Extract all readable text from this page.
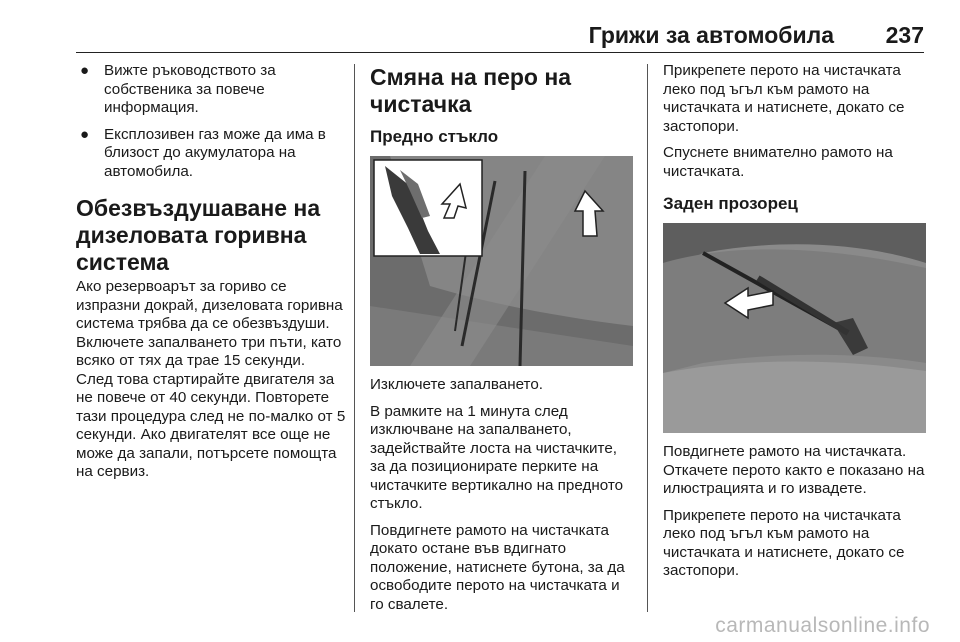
Грижи за автомобила 237
● Вижте ръководството за собственика за повече информация.
● Експлозивен газ може да има в близост до акумулатора на автомобила.
Обезвъздушаване на дизеловата горивна система

Ако резервоарът за гориво се изпразни докрай, дизеловата горивна система трябва да се обезвъздуши. Включете запалването три пъти, като всяко от тях да трае 15 секунди. След това стартирайте двигателя за не повече от 40 секунди. Повторете тази процедура след не по-малко от 5 секунди. Ако двигателят все още не може да запали, потърсете помощта на сервиз.

Смяна на перо на чистачка
Предно стъкло

Изключете запалването.

В рамките на 1 минута след изключване на запалването, задействайте лоста на чистачките, за да позиционирате перките на чистачките вертикално на предното стъкло.

Повдигнете рамото на чистачката докато остане във вдигнато положение, натиснете бутона, за да освободите перото на чистачката и го свалете.

Прикрепете перото на чистачката леко под ъгъл към рамото на чистачката и натиснете, докато се застопори.

Спуснете внимателно рамото на чистачката.

Заден прозорец

Повдигнете рамото на чистачката. Откачете перото както е показано на илюстрацията и го извадете.

Прикрепете перото на чистачката леко под ъгъл към рамото на чистачката и натиснете, докато се застопори.

carmanualsonline.info
